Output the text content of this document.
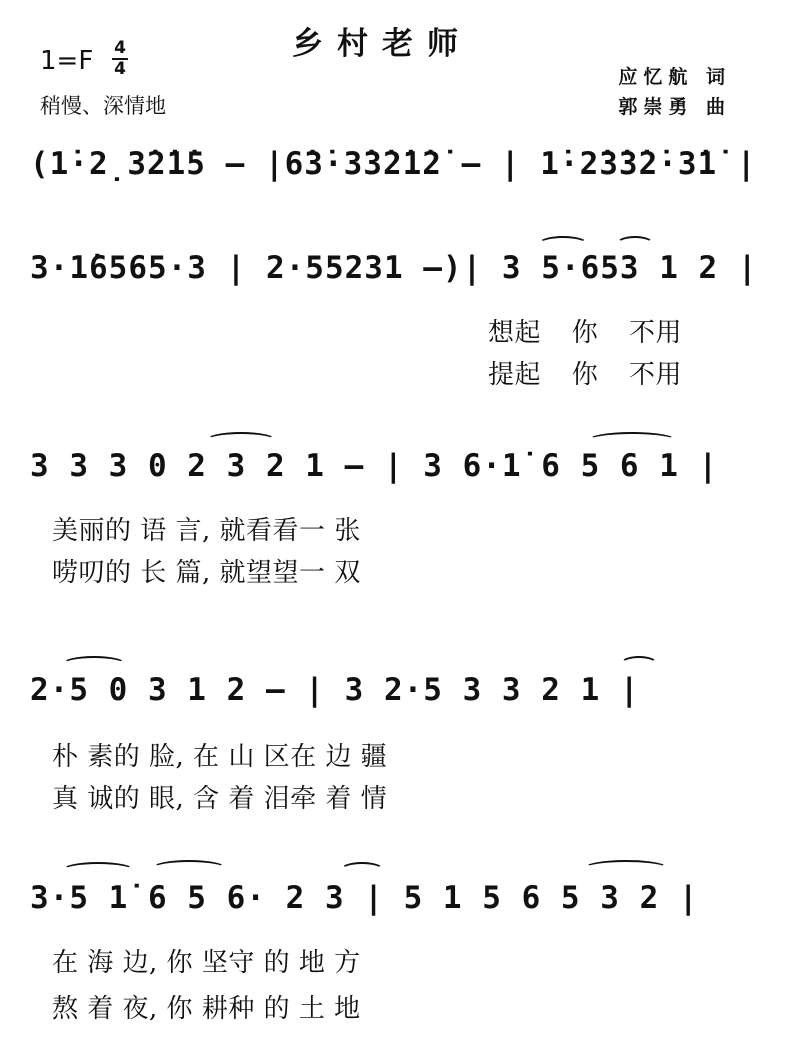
乡村老师
1=F 4
4
稍慢、深情地
应忆航 词
郭崇勇 曲
(1̇·2̣3̇2̇1̇5 — |6̇3̇·3̇3̇2̇1̇2̇ — | 1̇·2̇3̇3̇2̇·3̇1̇ |
3·1̇6565·3 | 2·55231 —)| 3 5·653 1 2 |
想起 你 不用
提起 你 不用
3 3 3 0 2 3 2 1 — | 3 6·1̇ 6 5 6 1 |
美丽的 语 言, 就看看一 张
唠叨的 长 篇, 就望望一 双
2·5 0 3 1 2 — | 3 2·5 3 3 2 1 |
朴 素的 脸, 在 山 区在 边 疆
真 诚的 眼, 含 着 泪牵 着 情
3·5 1̇ 6 5 6· 2 3 | 5 1 5 6 5 3 2 |
在 海 边, 你 坚守 的 地 方
熬 着 夜, 你 耕种 的 土 地
